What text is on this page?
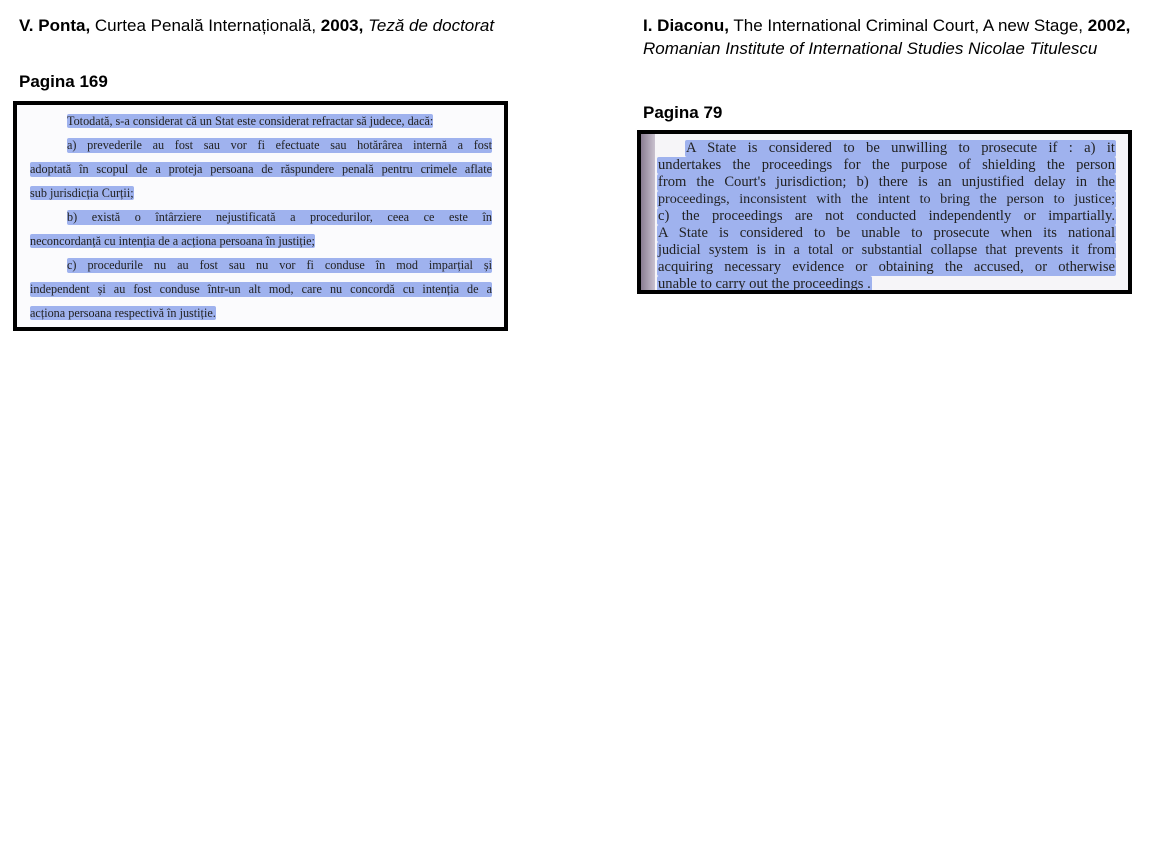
V. Ponta, Curtea Penală Internațională, 2003, Teză de doctorat
Pagina 169
Totodată, s-a considerat că un Stat este considerat refractar să judece, dacă:
a) prevederile au fost sau vor fi efectuate sau hotărârea internă a fost
adoptată în scopul de a proteja persoana de răspundere penală pentru crimele aflate
sub jurisdicția Curții;
b) există o întârziere nejustificată a procedurilor, ceea ce este în
neconcordanță cu intenția de a acționa persoana în justiție;
c) procedurile nu au fost sau nu vor fi conduse în mod imparțial și
independent și au fost conduse într-un alt mod, care nu concordă cu intenția de a
acționa persoana respectivă în justiție.
I. Diaconu, The International Criminal Court, A new Stage, 2002, Romanian Institute of International Studies Nicolae Titulescu
Pagina 79
A State is considered to be unwilling to prosecute if : a) it
undertakes the proceedings for the purpose of shielding the person
from the Court's jurisdiction; b) there is an unjustified delay in the
proceedings, inconsistent with the intent to bring the person to justice;
c) the proceedings are not conducted independently or impartially.
A State is considered to be unable to prosecute when its national
judicial system is in a total or substantial collapse that prevents it from
acquiring necessary evidence or obtaining the accused, or otherwise
unable to carry out the proceedings .
